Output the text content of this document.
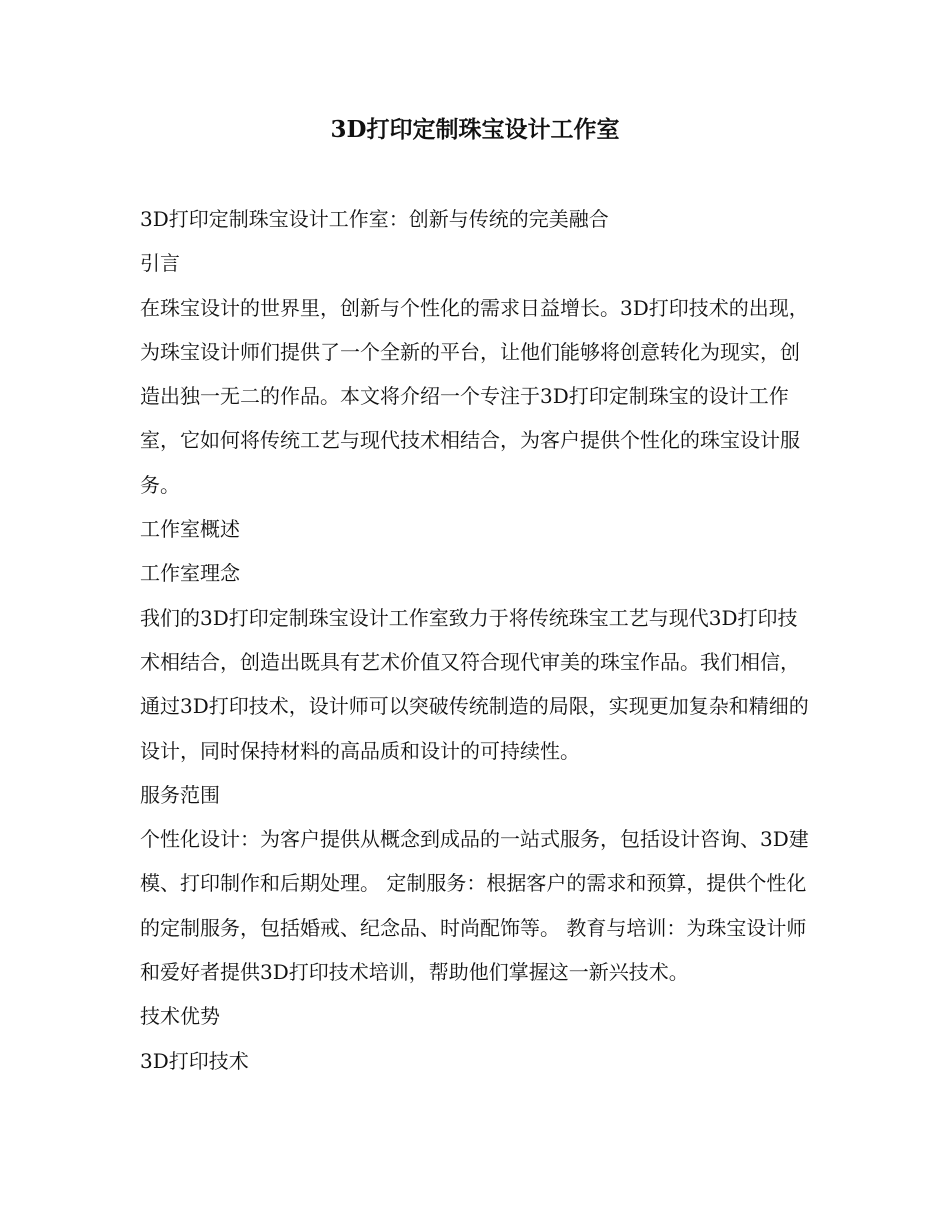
3D打印定制珠宝设计工作室
3D打印定制珠宝设计工作室：创新与传统的完美融合
引言
在珠宝设计的世界里，创新与个性化的需求日益增长。3D打印技术的出现，为珠宝设计师们提供了一个全新的平台，让他们能够将创意转化为现实，创造出独一无二的作品。本文将介绍一个专注于3D打印定制珠宝的设计工作室，它如何将传统工艺与现代技术相结合，为客户提供个性化的珠宝设计服务。
工作室概述
工作室理念
我们的3D打印定制珠宝设计工作室致力于将传统珠宝工艺与现代3D打印技术相结合，创造出既具有艺术价值又符合现代审美的珠宝作品。我们相信，通过3D打印技术，设计师可以突破传统制造的局限，实现更加复杂和精细的设计，同时保持材料的高品质和设计的可持续性。
服务范围
个性化设计：为客户提供从概念到成品的一站式服务，包括设计咨询、3D建模、打印制作和后期处理。 定制服务：根据客户的需求和预算，提供个性化的定制服务，包括婚戒、纪念品、时尚配饰等。 教育与培训：为珠宝设计师和爱好者提供3D打印技术培训，帮助他们掌握这一新兴技术。
技术优势
3D打印技术
